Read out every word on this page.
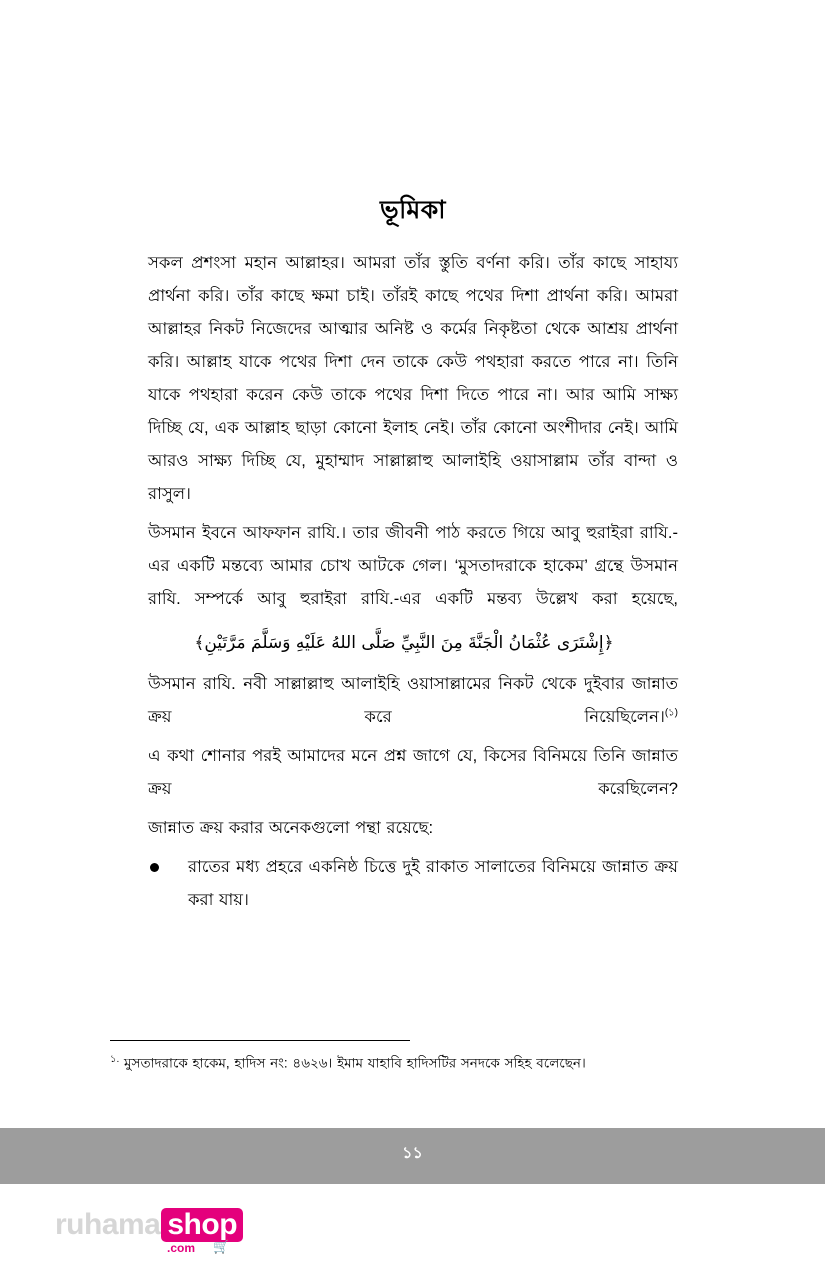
ভূমিকা

সকল প্রশংসা মহান আল্লাহর। আমরা তাঁর স্তুতি বর্ণনা করি। তাঁর কাছে সাহায্য প্রার্থনা করি। তাঁর কাছে ক্ষমা চাই। তাঁরই কাছে পথের দিশা প্রার্থনা করি। আমরা আল্লাহর নিকট নিজেদের আত্মার অনিষ্ট ও কর্মের নিকৃষ্টতা থেকে আশ্রয় প্রার্থনা করি। আল্লাহ যাকে পথের দিশা দেন তাকে কেউ পথহারা করতে পারে না। তিনি যাকে পথহারা করেন কেউ তাকে পথের দিশা দিতে পারে না। আর আমি সাক্ষ্য দিচ্ছি যে, এক আল্লাহ ছাড়া কোনো ইলাহ নেই। তাঁর কোনো অংশীদার নেই। আমি আরও সাক্ষ্য দিচ্ছি যে, মুহাম্মাদ সাল্লাল্লাহু আলাইহি ওয়াসাল্লাম তাঁর বান্দা ও রাসুল।

উসমান ইবনে আফফান রাযি.। তার জীবনী পাঠ করতে গিয়ে আবু হুরাইরা রাযি.-এর একটি মন্তব্যে আমার চোখ আটকে গেল। ‘মুসতাদরাকে হাকেম’ গ্রন্থে উসমান রাযি. সম্পর্কে আবু হুরাইরা রাযি.-এর একটি মন্তব্য উল্লেখ করা হয়েছে,

﴿إِشْتَرَى عُثْمَانُ الْجَنَّةَ مِنَ النَّبِيِّ صَلَّى اللهُ عَلَيْهِ وَسَلَّمَ مَرَّتَيْنِ﴾

উসমান রাযি. নবী সাল্লাল্লাহু আলাইহি ওয়াসাল্লামের নিকট থেকে দুইবার জান্নাত ক্রয় করে নিয়েছিলেন।$^{(১)}$

এ কথা শোনার পরই আমাদের মনে প্রশ্ন জাগে যে, কিসের বিনিময়ে তিনি জান্নাত ক্রয় করেছিলেন?

জান্নাত ক্রয় করার অনেকগুলো পন্থা রয়েছে:

রাতের মধ্য প্রহরে একনিষ্ঠ চিত্তে দুই রাকাত সালাতের বিনিময়ে জান্নাত ক্রয় করা যায়।

$^{১.}$ মুসতাদরাকে হাকেম, হাদিস নং: ৪৬২৬। ইমাম যাহাবি হাদিসটির সনদকে সহিহ বলেছেন।

১১
ruhama shop
.com 🛒
